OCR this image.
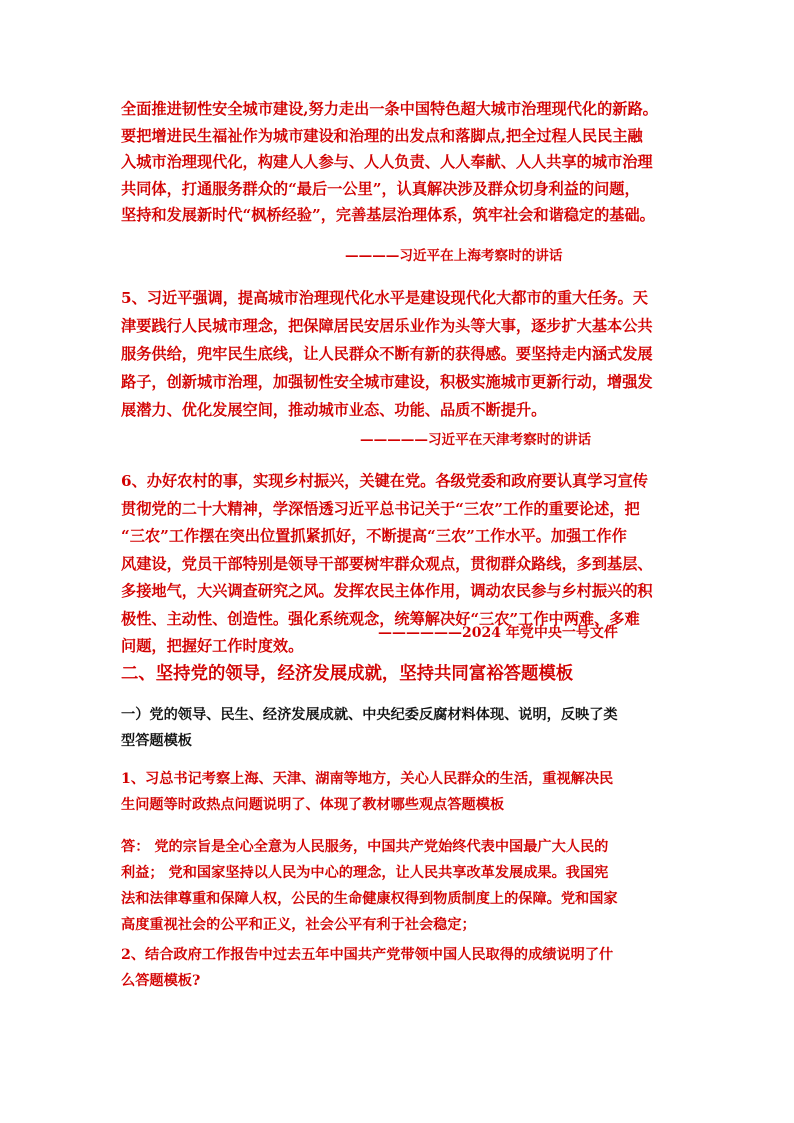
全面推进韧性安全城市建设,努力走出一条中国特色超大城市治理现代化的新路。
要把增进民生福祉作为城市建设和治理的出发点和落脚点,把全过程人民民主融
入城市治理现代化，构建人人参与、人人负责、人人奉献、人人共享的城市治理
共同体，打通服务群众的“最后一公里”，认真解决涉及群众切身利益的问题，
坚持和发展新时代“枫桥经验”，完善基层治理体系，筑牢社会和谐稳定的基础。
————习近平在上海考察时的讲话
5、习近平强调，提高城市治理现代化水平是建设现代化大都市的重大任务。天
津要践行人民城市理念，把保障居民安居乐业作为头等大事，逐步扩大基本公共
服务供给，兜牢民生底线，让人民群众不断有新的获得感。要坚持走内涵式发展
路子，创新城市治理，加强韧性安全城市建设，积极实施城市更新行动，增强发
展潜力、优化发展空间，推动城市业态、功能、品质不断提升。
—————习近平在天津考察时的讲话
6、办好农村的事，实现乡村振兴，关键在党。各级党委和政府要认真学习宣传
贯彻党的二十大精神，学深悟透习近平总书记关于“三农”工作的重要论述，把
“三农”工作摆在突出位置抓紧抓好，不断提高“三农”工作水平。加强工作作
风建设，党员干部特别是领导干部要树牢群众观点，贯彻群众路线，多到基层、
多接地气，大兴调查研究之风。发挥农民主体作用，调动农民参与乡村振兴的积
极性、主动性、创造性。强化系统观念，统筹解决好“三农”工作中两难、多难
问题，把握好工作时度效。
——————2024 年党中央一号文件
二、坚持党的领导，经济发展成就，坚持共同富裕答题模板
一）党的领导、民生、经济发展成就、中央纪委反腐材料体现、说明，反映了类
型答题模板
1、习总书记考察上海、天津、湖南等地方，关心人民群众的生活，重视解决民
生问题等时政热点问题说明了、体现了教材哪些观点答题模板
答： 党的宗旨是全心全意为人民服务，中国共产党始终代表中国最广大人民的
利益； 党和国家坚持以人民为中心的理念，让人民共享改革发展成果。我国宪
法和法律尊重和保障人权，公民的生命健康权得到物质制度上的保障。党和国家
高度重视社会的公平和正义，社会公平有利于社会稳定；
2、结合政府工作报告中过去五年中国共产党带领中国人民取得的成绩说明了什
么答题模板?
